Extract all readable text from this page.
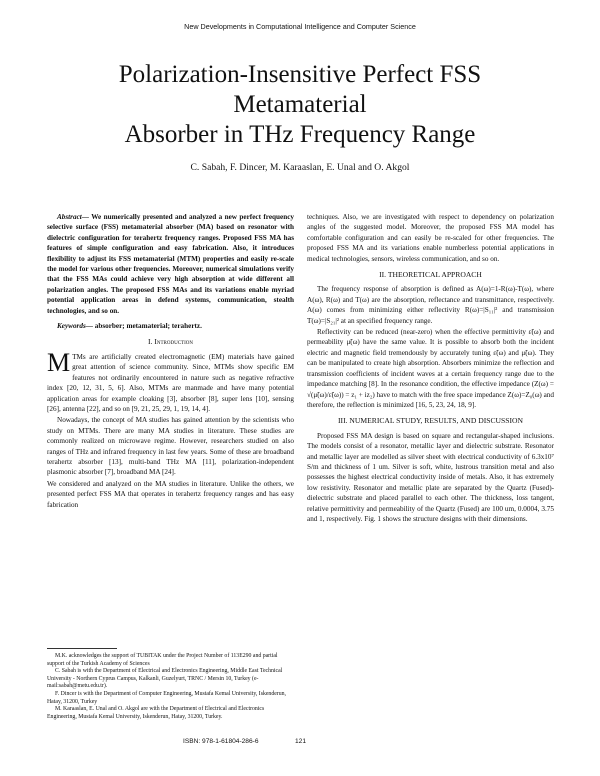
New Developments in Computational Intelligence and Computer Science
Polarization-Insensitive Perfect FSS
Metamaterial
Absorber in THz Frequency Range
C. Sabah, F. Dincer, M. Karaaslan, E. Unal and O. Akgol

Abstract— We numerically presented and analyzed a new perfect frequency selective surface (FSS) metamaterial absorber (MA) based on resonator with dielectric configuration for terahertz frequency ranges. Proposed FSS MA has features of simple configuration and easy fabrication. Also, it introduces flexibility to adjust its FSS metamaterial (MTM) properties and easily re-scale the model for various other frequencies. Moreover, numerical simulations verify that the FSS MAs could achieve very high absorption at wide different all polarization angles. The proposed FSS MAs and its variations enable myriad potential application areas in defend systems, communication, stealth technologies, and so on.

Keywords— absorber; metamaterial; terahertz.

I. Introduction

M TMs are artificially created electromagnetic (EM) materials have gained great attention of science community. Since, MTMs show specific EM features not ordinarily encountered in nature such as negative refractive index [20, 12, 31, 5, 6]. Also, MTMs are manmade and have many potential application areas for example cloaking [3], absorber [8], super lens [10], sensing [26], antenna [22], and so on [9, 21, 25, 29, 1, 19, 14, 4].

Nowadays, the concept of MA studies has gained attention by the scientists who study on MTMs. There are many MA studies in literature. These studies are commonly realized on microwave regime. However, researchers studied on also ranges of THz and infrared frequency in last few years. Some of these are broadband terahertz absorber [13], multi-band THz MA [11], polarization-independent plasmonic absorber [7], broadband MA [24].

We considered and analyzed on the MA studies in literature. Unlike the others, we presented perfect FSS MA that operates in terahertz frequency ranges and has easy fabrication

techniques. Also, we are investigated with respect to dependency on polarization angles of the suggested model. Moreover, the proposed FSS MA model has comfortable configuration and can easily be re-scaled for other frequencies. The proposed FSS MA and its variations enable numberless potential applications in medical technologies, sensors, wireless communication, and so on.

II. THEORETICAL APPROACH

The frequency response of absorption is defined as A(ω)=1-R(ω)-T(ω), where A(ω), R(ω) and T(ω) are the absorption, reflectance and transmittance, respectively. A(ω) comes from minimizing either reflectivity R(ω)=|S₁₁|² and transmission T(ω)=|S₂₁|² at an specified frequency range.

Reflectivity can be reduced (near-zero) when the effective permittivity ε̃(ω) and permeability μ̃(ω) have the same value. It is possible to absorb both the incident electric and magnetic field tremendously by accurately tuning ε̃(ω) and μ̃(ω). They can be manipulated to create high absorption. Absorbers minimize the reflection and transmission coefficients of incident waves at a certain frequency range due to the impedance matching [8]. In the resonance condition, the effective impedance (Z(ω) = √(μ̃(ω)/ε̃(ω)) = z₁ + iz₂) have to match with the free space impedance Z(ω)=Z₀(ω) and therefore, the reflection is minimized [16, 5, 23, 24, 18, 9].

III. NUMERICAL STUDY, RESULTS, AND DISCUSSION

Proposed FSS MA design is based on square and rectangular-shaped inclusions. The models consist of a resonator, metallic layer and dielectric substrate. Resonator and metallic layer are modelled as silver sheet with electrical conductivity of 6.3x10⁷ S/m and thickness of 1 um. Silver is soft, white, lustrous transition metal and also possesses the highest electrical conductivity inside of metals. Also, it has extremely low resistivity. Resonator and metallic plate are separated by the Quartz (Fused)-dielectric substrate and placed parallel to each other. The thickness, loss tangent, relative permittivity and permeability of the Quartz (Fused) are 100 um, 0.0004, 3.75 and 1, respectively. Fig. 1 shows the structure designs with their dimensions.

M.K. acknowledges the support of TUBITAK under the Project Number of 113E290 and partial support of the Turkish Academy of Sciences

C. Sabah is with the Department of Electrical and Electronics Engineering, Middle East Technical University - Northern Cyprus Campus, Kalkanli, Guzelyurt, TRNC / Mersin 10, Turkey (e-mail:sabah@metu.edu.tr).

F. Dincer is with the Department of Computer Engineering, Mustafa Kemal University, Iskenderun, Hatay, 31200, Turkey

M. Karaaslan, E. Unal and O. Akgol are with the Department of Electrical and Electronics Engineering, Mustafa Kemal University, Iskenderun, Hatay, 31200, Turkey.

ISBN: 978-1-61804-286-6	121
